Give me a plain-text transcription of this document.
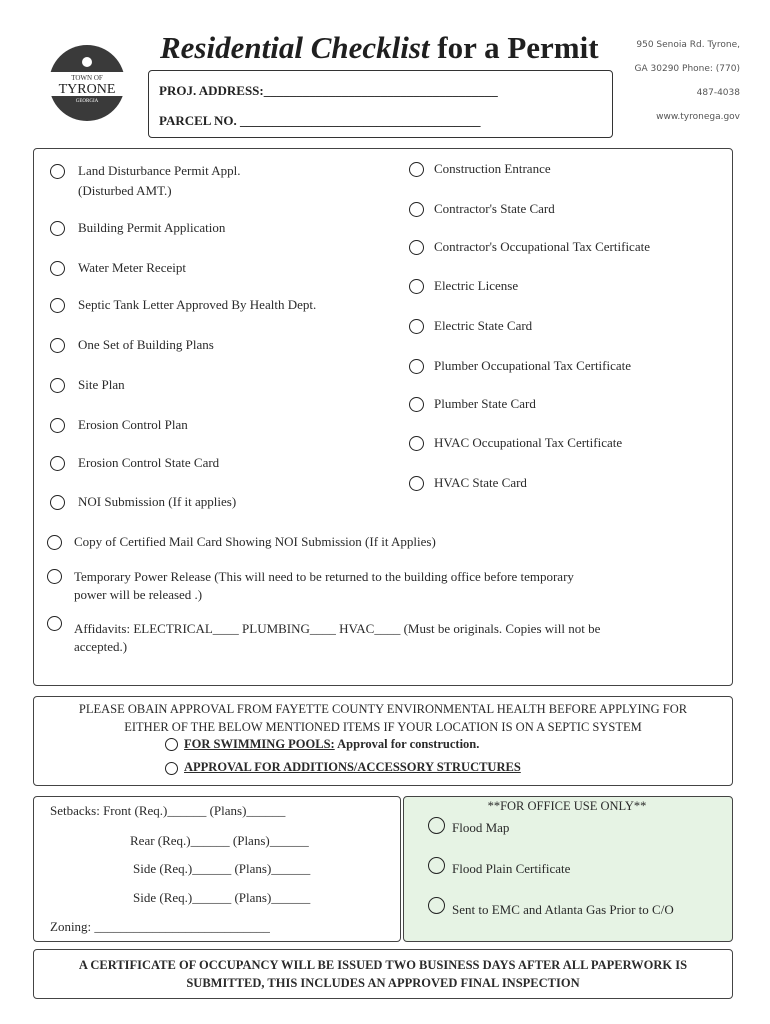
TOWN OF
TYRONE
GEORGIA
Residential Checklist for a Permit	950 Senoia Rd. Tyrone,
GA 30290 Phone: (770)
487-4038
www.tyronega.gov
PROJ. ADDRESS:____________________________________
PARCEL NO. _____________________________________
Land Disturbance Permit Appl.
(Disturbed AMT.)
Building Permit Application
Water Meter Receipt
Septic Tank Letter Approved By Health Dept.
One Set of Building Plans
Site Plan
Erosion Control Plan
Erosion Control State Card
NOI Submission (If it applies)
Construction Entrance
Contractor's State Card
Contractor's Occupational Tax Certificate
Electric License
Electric State Card
Plumber Occupational Tax Certificate
Plumber State Card
HVAC Occupational Tax Certificate
HVAC State Card
Copy of Certified Mail Card Showing NOI Submission (If it Applies)
Temporary Power Release (This will need to be returned to the building office before temporary
power will be released .)
Affidavits: ELECTRICAL____ PLUMBING____ HVAC____ (Must be originals. Copies will not be
accepted.)
PLEASE OBAIN APPROVAL FROM FAYETTE COUNTY ENVIRONMENTAL HEALTH BEFORE APPLYING FOR
EITHER OF THE BELOW MENTIONED ITEMS IF YOUR LOCATION IS ON A SEPTIC SYSTEM
FOR SWIMMING POOLS: Approval for construction.
APPROVAL FOR ADDITIONS/ACCESSORY STRUCTURES
Setbacks: Front (Req.)______ (Plans)______
Rear (Req.)______ (Plans)______
Side (Req.)______ (Plans)______
Side (Req.)______ (Plans)______
Zoning: ___________________________
**FOR OFFICE USE ONLY**
Flood Map
Flood Plain Certificate
Sent to EMC and Atlanta Gas Prior to C/O
A CERTIFICATE OF OCCUPANCY WILL BE ISSUED TWO BUSINESS DAYS AFTER ALL PAPERWORK IS
SUBMITTED, THIS INCLUDES AN APPROVED FINAL INSPECTION
